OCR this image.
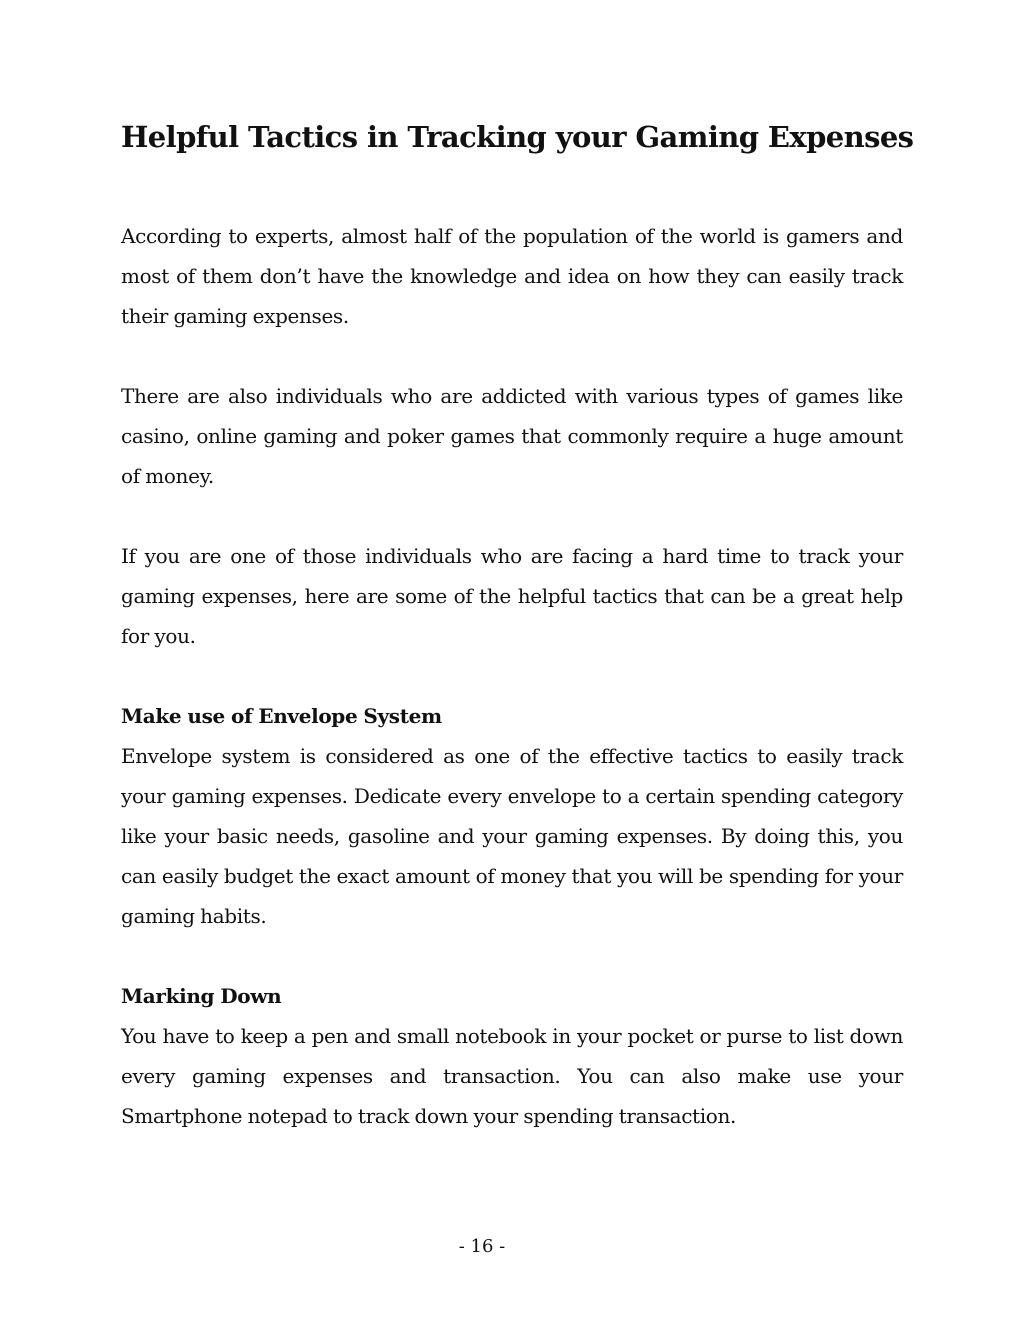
Helpful Tactics in Tracking your Gaming Expenses

According to experts, almost half of the population of the world is gamers and most of them don’t have the knowledge and idea on how they can easily track their gaming expenses.

There are also individuals who are addicted with various types of games like casino, online gaming and poker games that commonly require a huge amount of money.

If you are one of those individuals who are facing a hard time to track your gaming expenses, here are some of the helpful tactics that can be a great help for you.

Make use of Envelope System

Envelope system is considered as one of the effective tactics to easily track your gaming expenses. Dedicate every envelope to a certain spending category like your basic needs, gasoline and your gaming expenses. By doing this, you can easily budget the exact amount of money that you will be spending for your gaming habits.

Marking Down

You have to keep a pen and small notebook in your pocket or purse to list down every gaming expenses and transaction. You can also make use your Smartphone notepad to track down your spending transaction.

- 16 -
